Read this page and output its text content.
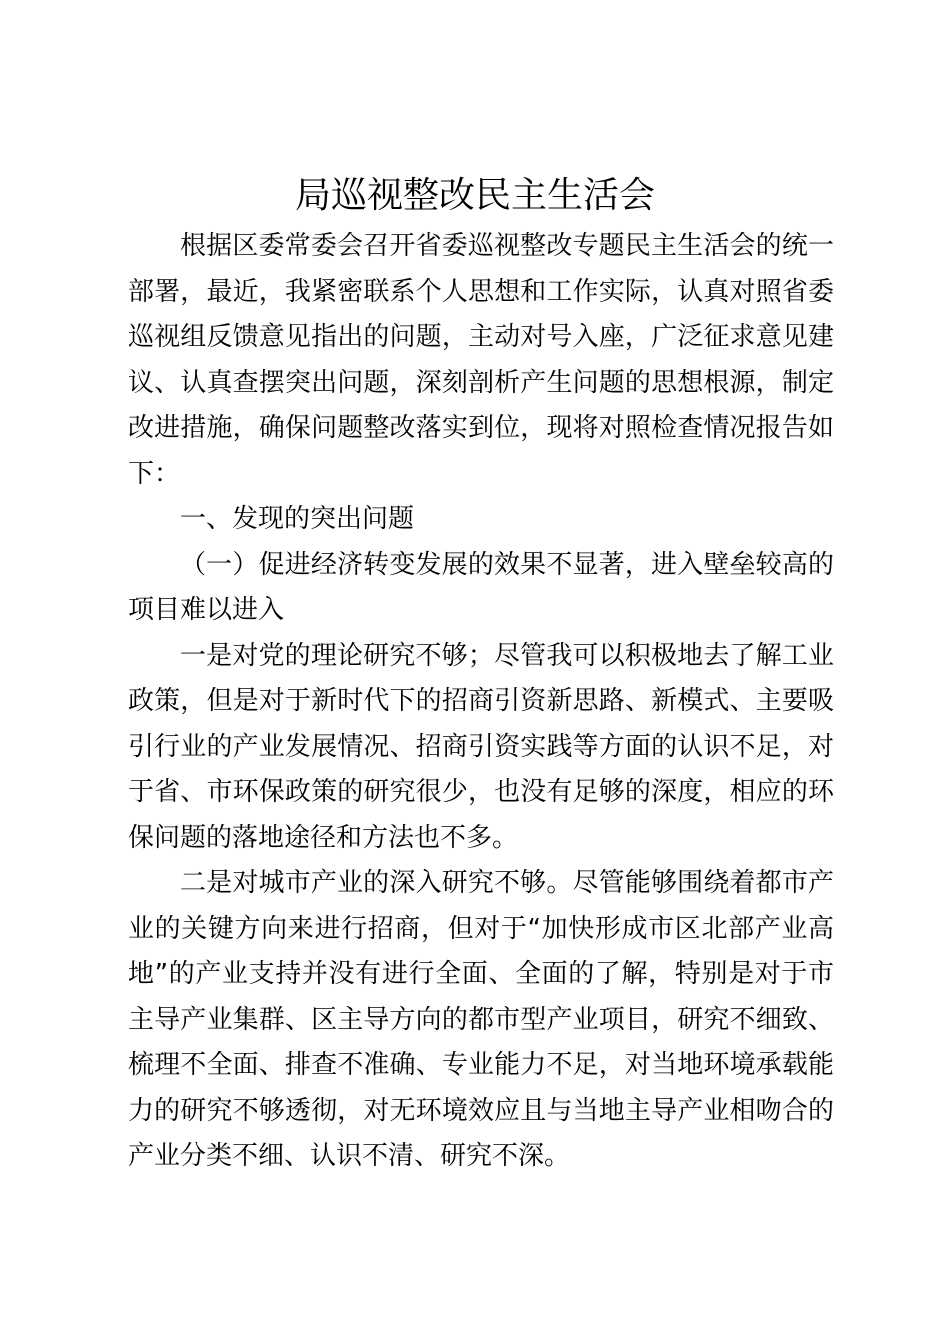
局巡视整改民主生活会

根据区委常委会召开省委巡视整改专题民主生活会的统一部署，最近，我紧密联系个人思想和工作实际，认真对照省委巡视组反馈意见指出的问题，主动对号入座，广泛征求意见建议、认真查摆突出问题，深刻剖析产生问题的思想根源，制定改进措施，确保问题整改落实到位，现将对照检查情况报告如下：

一、发现的突出问题

（一）促进经济转变发展的效果不显著，进入壁垒较高的项目难以进入

一是对党的理论研究不够；尽管我可以积极地去了解工业政策，但是对于新时代下的招商引资新思路、新模式、主要吸引行业的产业发展情况、招商引资实践等方面的认识不足，对于省、市环保政策的研究很少，也没有足够的深度，相应的环保问题的落地途径和方法也不多。

二是对城市产业的深入研究不够。尽管能够围绕着都市产业的关键方向来进行招商，但对于“加快形成市区北部产业高地”的产业支持并没有进行全面、全面的了解，特别是对于市主导产业集群、区主导方向的都市型产业项目，研究不细致、梳理不全面、排查不准确、专业能力不足，对当地环境承载能力的研究不够透彻，对无环境效应且与当地主导产业相吻合的产业分类不细、认识不清、研究不深。
